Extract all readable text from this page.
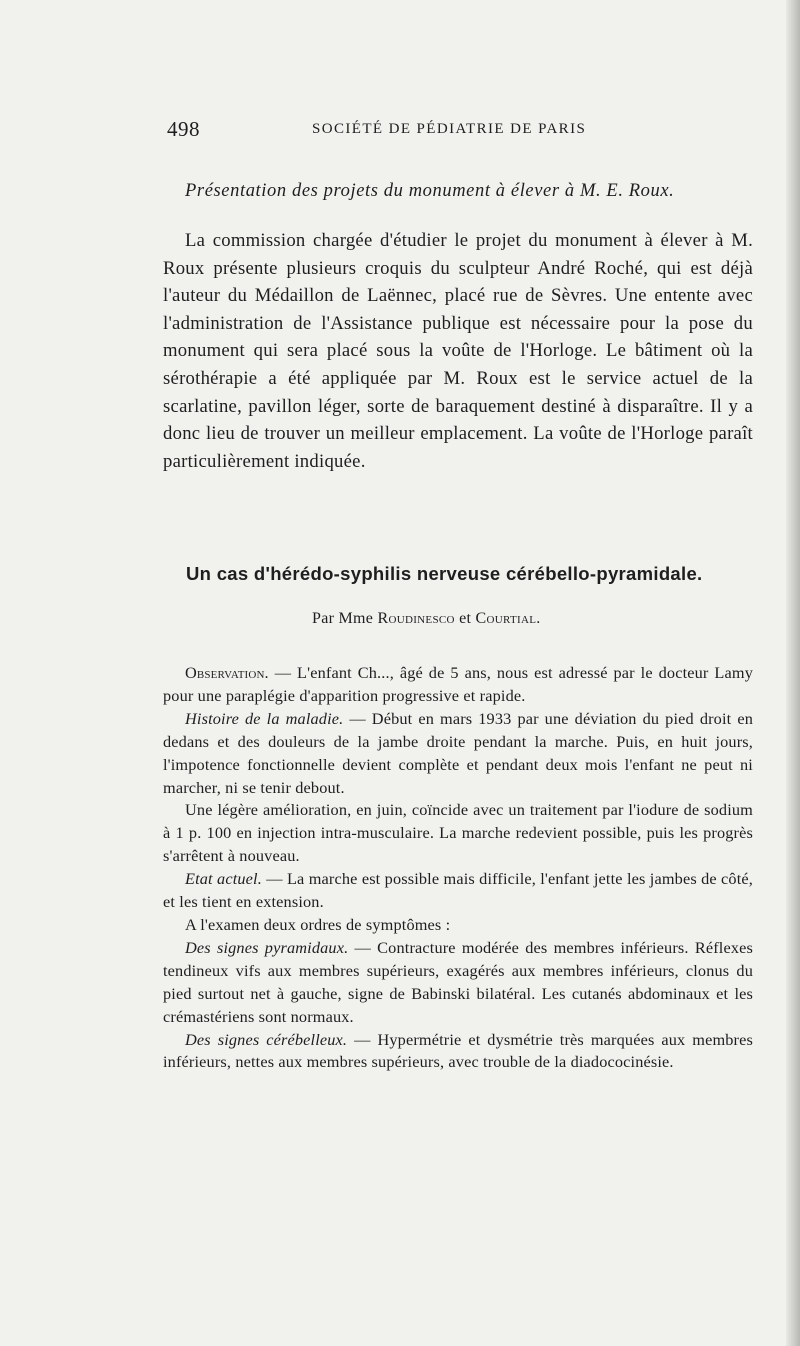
498	SOCIÉTÉ DE PÉDIATRIE DE PARIS
Présentation des projets du monument à élever à M. E. Roux.

La commission chargée d'étudier le projet du monument à élever à M. Roux présente plusieurs croquis du sculpteur André Roché, qui est déjà l'auteur du Médaillon de Laënnec, placé rue de Sèvres. Une entente avec l'administration de l'Assistance publique est nécessaire pour la pose du monument qui sera placé sous la voûte de l'Horloge. Le bâtiment où la sérothérapie a été appliquée par M. Roux est le service actuel de la scarlatine, pavillon léger, sorte de baraquement destiné à disparaître. Il y a donc lieu de trouver un meilleur emplacement. La voûte de l'Horloge paraît particulièrement indiquée.

Un cas d'hérédo-syphilis nerveuse cérébello-pyramidale.
Par Mme Roudinesco et Courtial.

Observation. — L'enfant Ch..., âgé de 5 ans, nous est adressé par le docteur Lamy pour une paraplégie d'apparition progressive et rapide.

Histoire de la maladie. — Début en mars 1933 par une déviation du pied droit en dedans et des douleurs de la jambe droite pendant la marche. Puis, en huit jours, l'impotence fonctionnelle devient complète et pendant deux mois l'enfant ne peut ni marcher, ni se tenir debout.

Une légère amélioration, en juin, coïncide avec un traitement par l'iodure de sodium à 1 p. 100 en injection intra-musculaire. La marche redevient possible, puis les progrès s'arrêtent à nouveau.

Etat actuel. — La marche est possible mais difficile, l'enfant jette les jambes de côté, et les tient en extension.

A l'examen deux ordres de symptômes :

Des signes pyramidaux. — Contracture modérée des membres inférieurs. Réflexes tendineux vifs aux membres supérieurs, exagérés aux membres inférieurs, clonus du pied surtout net à gauche, signe de Babinski bilatéral. Les cutanés abdominaux et les crémastériens sont normaux.

Des signes cérébelleux. — Hypermétrie et dysmétrie très marquées aux membres inférieurs, nettes aux membres supérieurs, avec trouble de la diadococinésie.
